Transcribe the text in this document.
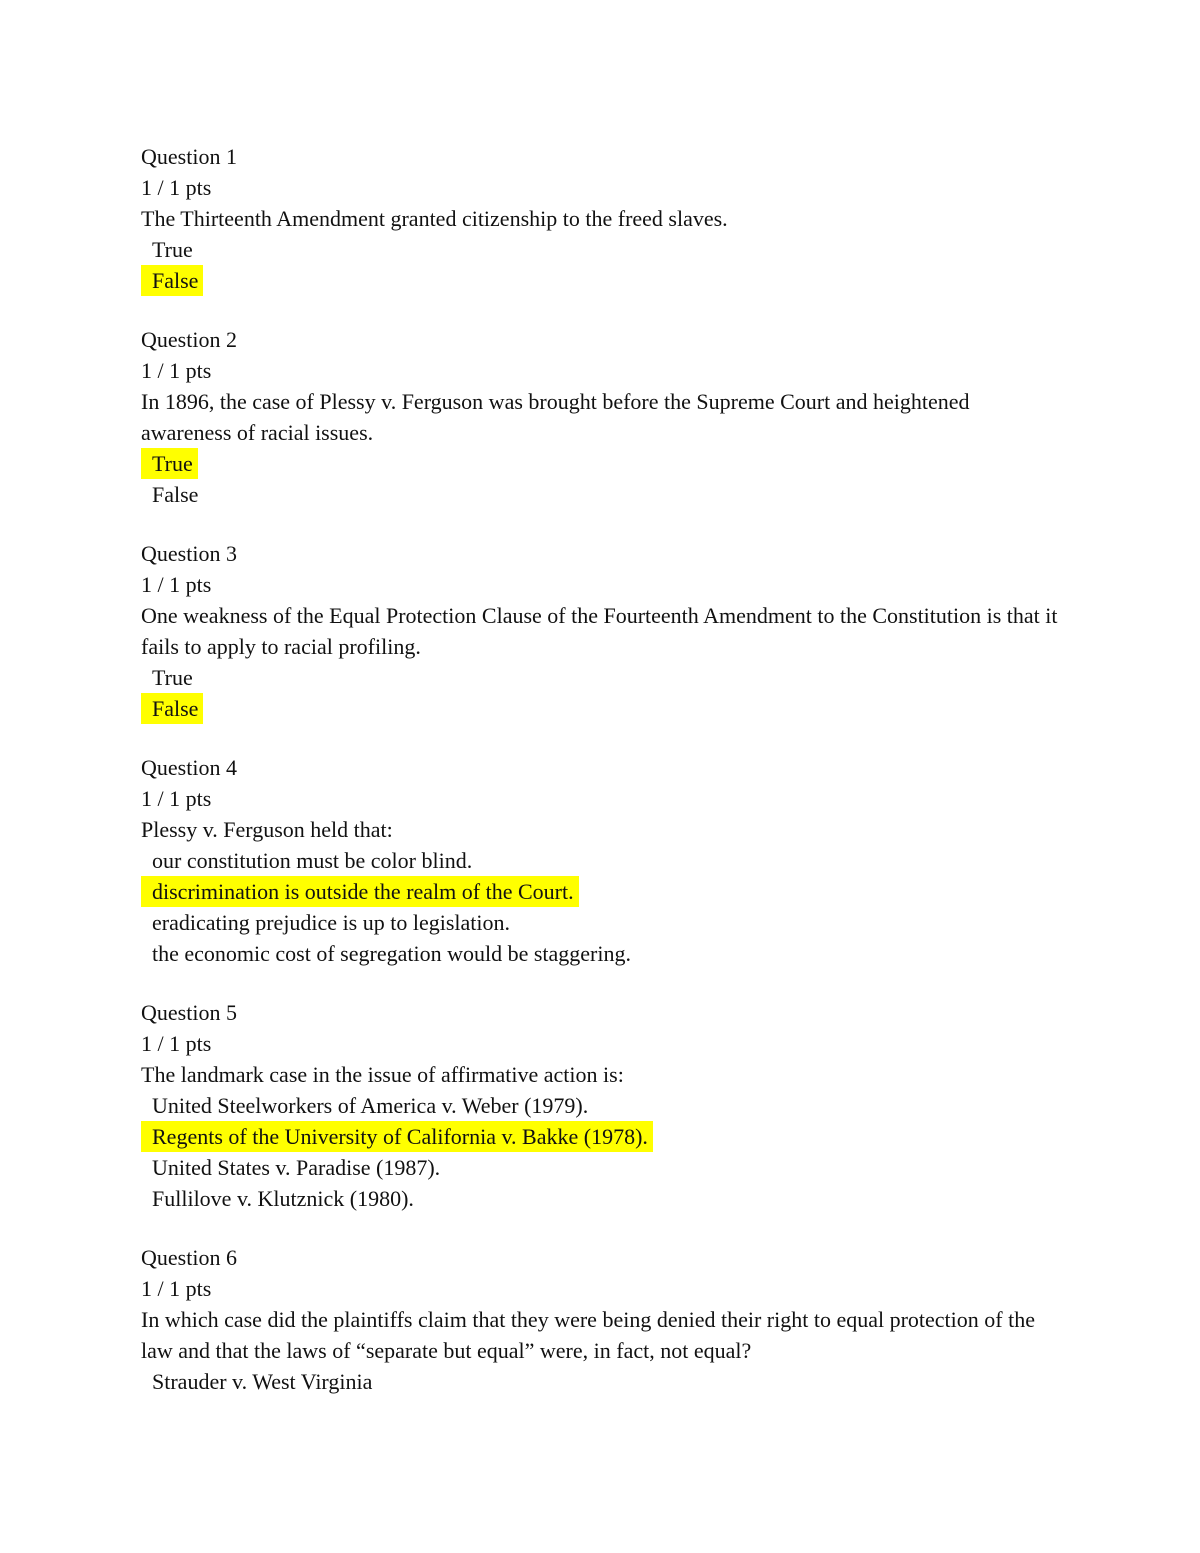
Question 1
1 / 1 pts
The Thirteenth Amendment granted citizenship to the freed slaves.
True
False
Question 2
1 / 1 pts
In 1896, the case of Plessy v. Ferguson was brought before the Supreme Court and heightened awareness of racial issues.
True
False
Question 3
1 / 1 pts
One weakness of the Equal Protection Clause of the Fourteenth Amendment to the Constitution is that it fails to apply to racial profiling.
True
False
Question 4
1 / 1 pts
Plessy v. Ferguson held that:
our constitution must be color blind.
discrimination is outside the realm of the Court.
eradicating prejudice is up to legislation.
the economic cost of segregation would be staggering.
Question 5
1 / 1 pts
The landmark case in the issue of affirmative action is:
United Steelworkers of America v. Weber (1979).
Regents of the University of California v. Bakke (1978).
United States v. Paradise (1987).
Fullilove v. Klutznick (1980).
Question 6
1 / 1 pts
In which case did the plaintiffs claim that they were being denied their right to equal protection of the law and that the laws of “separate but equal” were, in fact, not equal?
Strauder v. West Virginia
